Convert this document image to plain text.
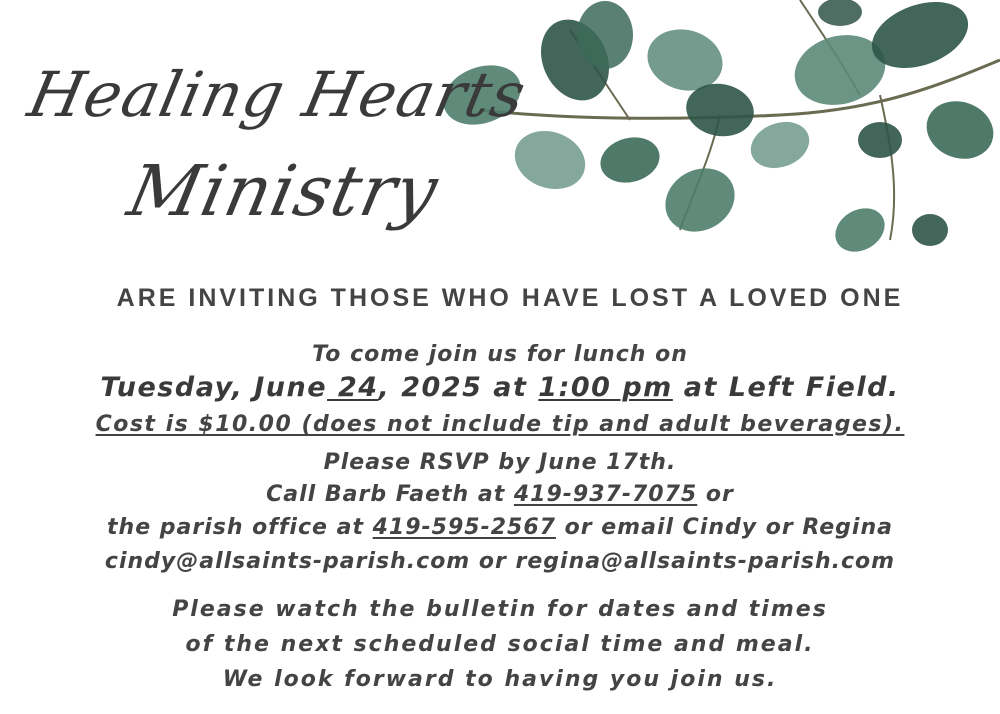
Healing Hearts
Ministry
ARE INVITING THOSE WHO HAVE LOST A LOVED ONE
To come join us for lunch on
Tuesday, June 24, 2025 at 1:00 pm at Left Field.
Cost is $10.00 (does not include tip and adult beverages).
Please RSVP by June 17th.
Call Barb Faeth at 419-937-7075 or
the parish office at 419-595-2567 or email Cindy or Regina
cindy@allsaints-parish.com or regina@allsaints-parish.com
Please watch the bulletin for dates and times
of the next scheduled social time and meal.
We look forward to having you join us.
